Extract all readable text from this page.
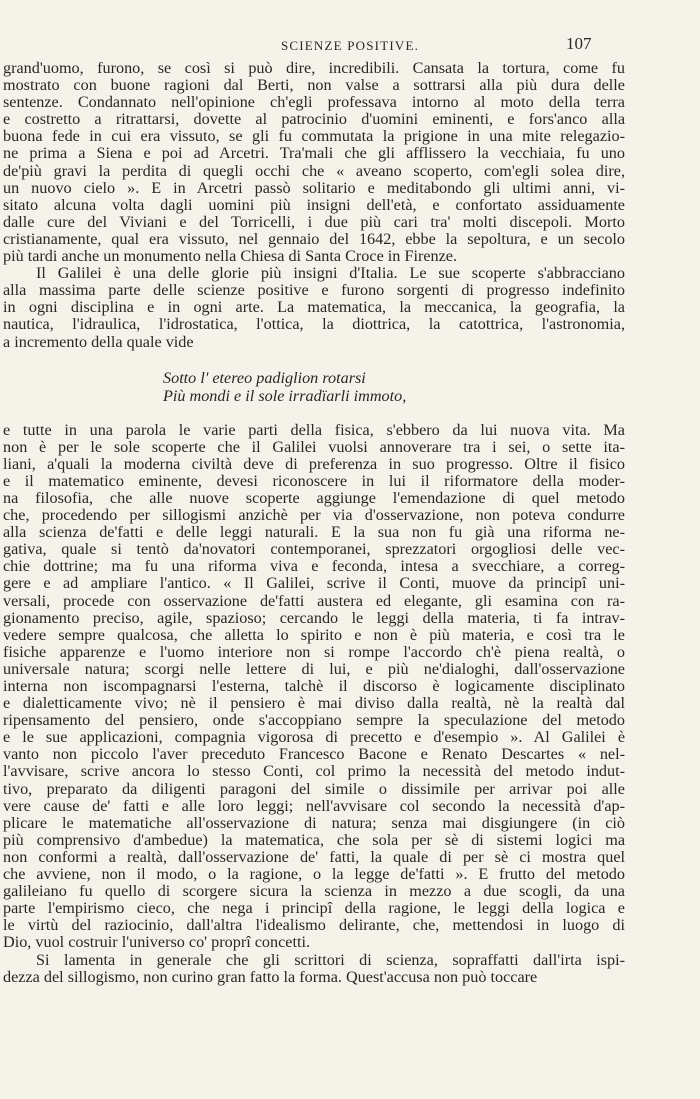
SCIENZE POSITIVE.	107
grand'uomo, furono, se così si può dire, incredibili. Cansata la tortura, come fu
mostrato con buone ragioni dal Berti, non valse a sottrarsi alla più dura delle
sentenze. Condannato nell'opinione ch'egli professava intorno al moto della terra
e costretto a ritrattarsi, dovette al patrocinio d'uomini eminenti, e fors'anco alla
buona fede in cui era vissuto, se gli fu commutata la prigione in una mite relegazio-
ne prima a Siena e poi ad Arcetri. Tra'mali che gli afflissero la vecchiaia, fu uno
de'più gravi la perdita di quegli occhi che « aveano scoperto, com'egli solea dire,
un nuovo cielo ». E in Arcetri passò solitario e meditabondo gli ultimi anni, vi-
sitato alcuna volta dagli uomini più insigni dell'età, e confortato assiduamente
dalle cure del Viviani e del Torricelli, i due più cari tra' molti discepoli. Morto
cristianamente, qual era vissuto, nel gennaio del 1642, ebbe la sepoltura, e un secolo
più tardi anche un monumento nella Chiesa di Santa Croce in Firenze.
Il Galilei è una delle glorie più insigni d'Italia. Le sue scoperte s'abbracciano
alla massima parte delle scienze positive e furono sorgenti di progresso indefinito
in ogni disciplina e in ogni arte. La matematica, la meccanica, la geografia, la
nautica, l'idraulica, l'idrostatica, l'ottica, la diottrica, la catottrica, l'astronomia,
a incremento della quale vide
Sotto l' etereo padiglion rotarsi
Più mondi e il sole irradïarli immoto,
e tutte in una parola le varie parti della fisica, s'ebbero da lui nuova vita. Ma
non è per le sole scoperte che il Galilei vuolsi annoverare tra i sei, o sette ita-
liani, a'quali la moderna civiltà deve di preferenza in suo progresso. Oltre il fisico
e il matematico eminente, devesi riconoscere in lui il riformatore della moder-
na filosofia, che alle nuove scoperte aggiunge l'emendazione di quel metodo
che, procedendo per sillogismi anzichè per via d'osservazione, non poteva condurre
alla scienza de'fatti e delle leggi naturali. E la sua non fu già una riforma ne-
gativa, quale si tentò da'novatori contemporanei, sprezzatori orgogliosi delle vec-
chie dottrine; ma fu una riforma viva e feconda, intesa a svecchiare, a correg-
gere e ad ampliare l'antico. « Il Galilei, scrive il Conti, muove da principî uni-
versali, procede con osservazione de'fatti austera ed elegante, gli esamina con ra-
gionamento preciso, agile, spazioso; cercando le leggi della materia, ti fa intrav-
vedere sempre qualcosa, che alletta lo spirito e non è più materia, e così tra le
fisiche apparenze e l'uomo interiore non si rompe l'accordo ch'è piena realtà, o
universale natura; scorgi nelle lettere di lui, e più ne'dialoghi, dall'osservazione
interna non iscompagnarsi l'esterna, talchè il discorso è logicamente disciplinato
e dialetticamente vivo; nè il pensiero è mai diviso dalla realtà, nè la realtà dal
ripensamento del pensiero, onde s'accoppiano sempre la speculazione del metodo
e le sue applicazioni, compagnia vigorosa di precetto e d'esempio ». Al Galilei è
vanto non piccolo l'aver preceduto Francesco Bacone e Renato Descartes « nel-
l'avvisare, scrive ancora lo stesso Conti, col primo la necessità del metodo indut-
tivo, preparato da diligenti paragoni del simile o dissimile per arrivar poi alle
vere cause de' fatti e alle loro leggi; nell'avvisare col secondo la necessità d'ap-
plicare le matematiche all'osservazione di natura; senza mai disgiungere (in ciò
più comprensivo d'ambedue) la matematica, che sola per sè di sistemi logici ma
non conformi a realtà, dall'osservazione de' fatti, la quale di per sè ci mostra quel
che avviene, non il modo, o la ragione, o la legge de'fatti ». E frutto del metodo
galileiano fu quello di scorgere sicura la scienza in mezzo a due scogli, da una
parte l'empirismo cieco, che nega i principî della ragione, le leggi della logica e
le virtù del raziocinio, dall'altra l'idealismo delirante, che, mettendosi in luogo di
Dio, vuol costruir l'universo co' proprî concetti.
Si lamenta in generale che gli scrittori di scienza, sopraffatti dall'irta ispi-
dezza del sillogismo, non curino gran fatto la forma. Quest'accusa non può toccare
